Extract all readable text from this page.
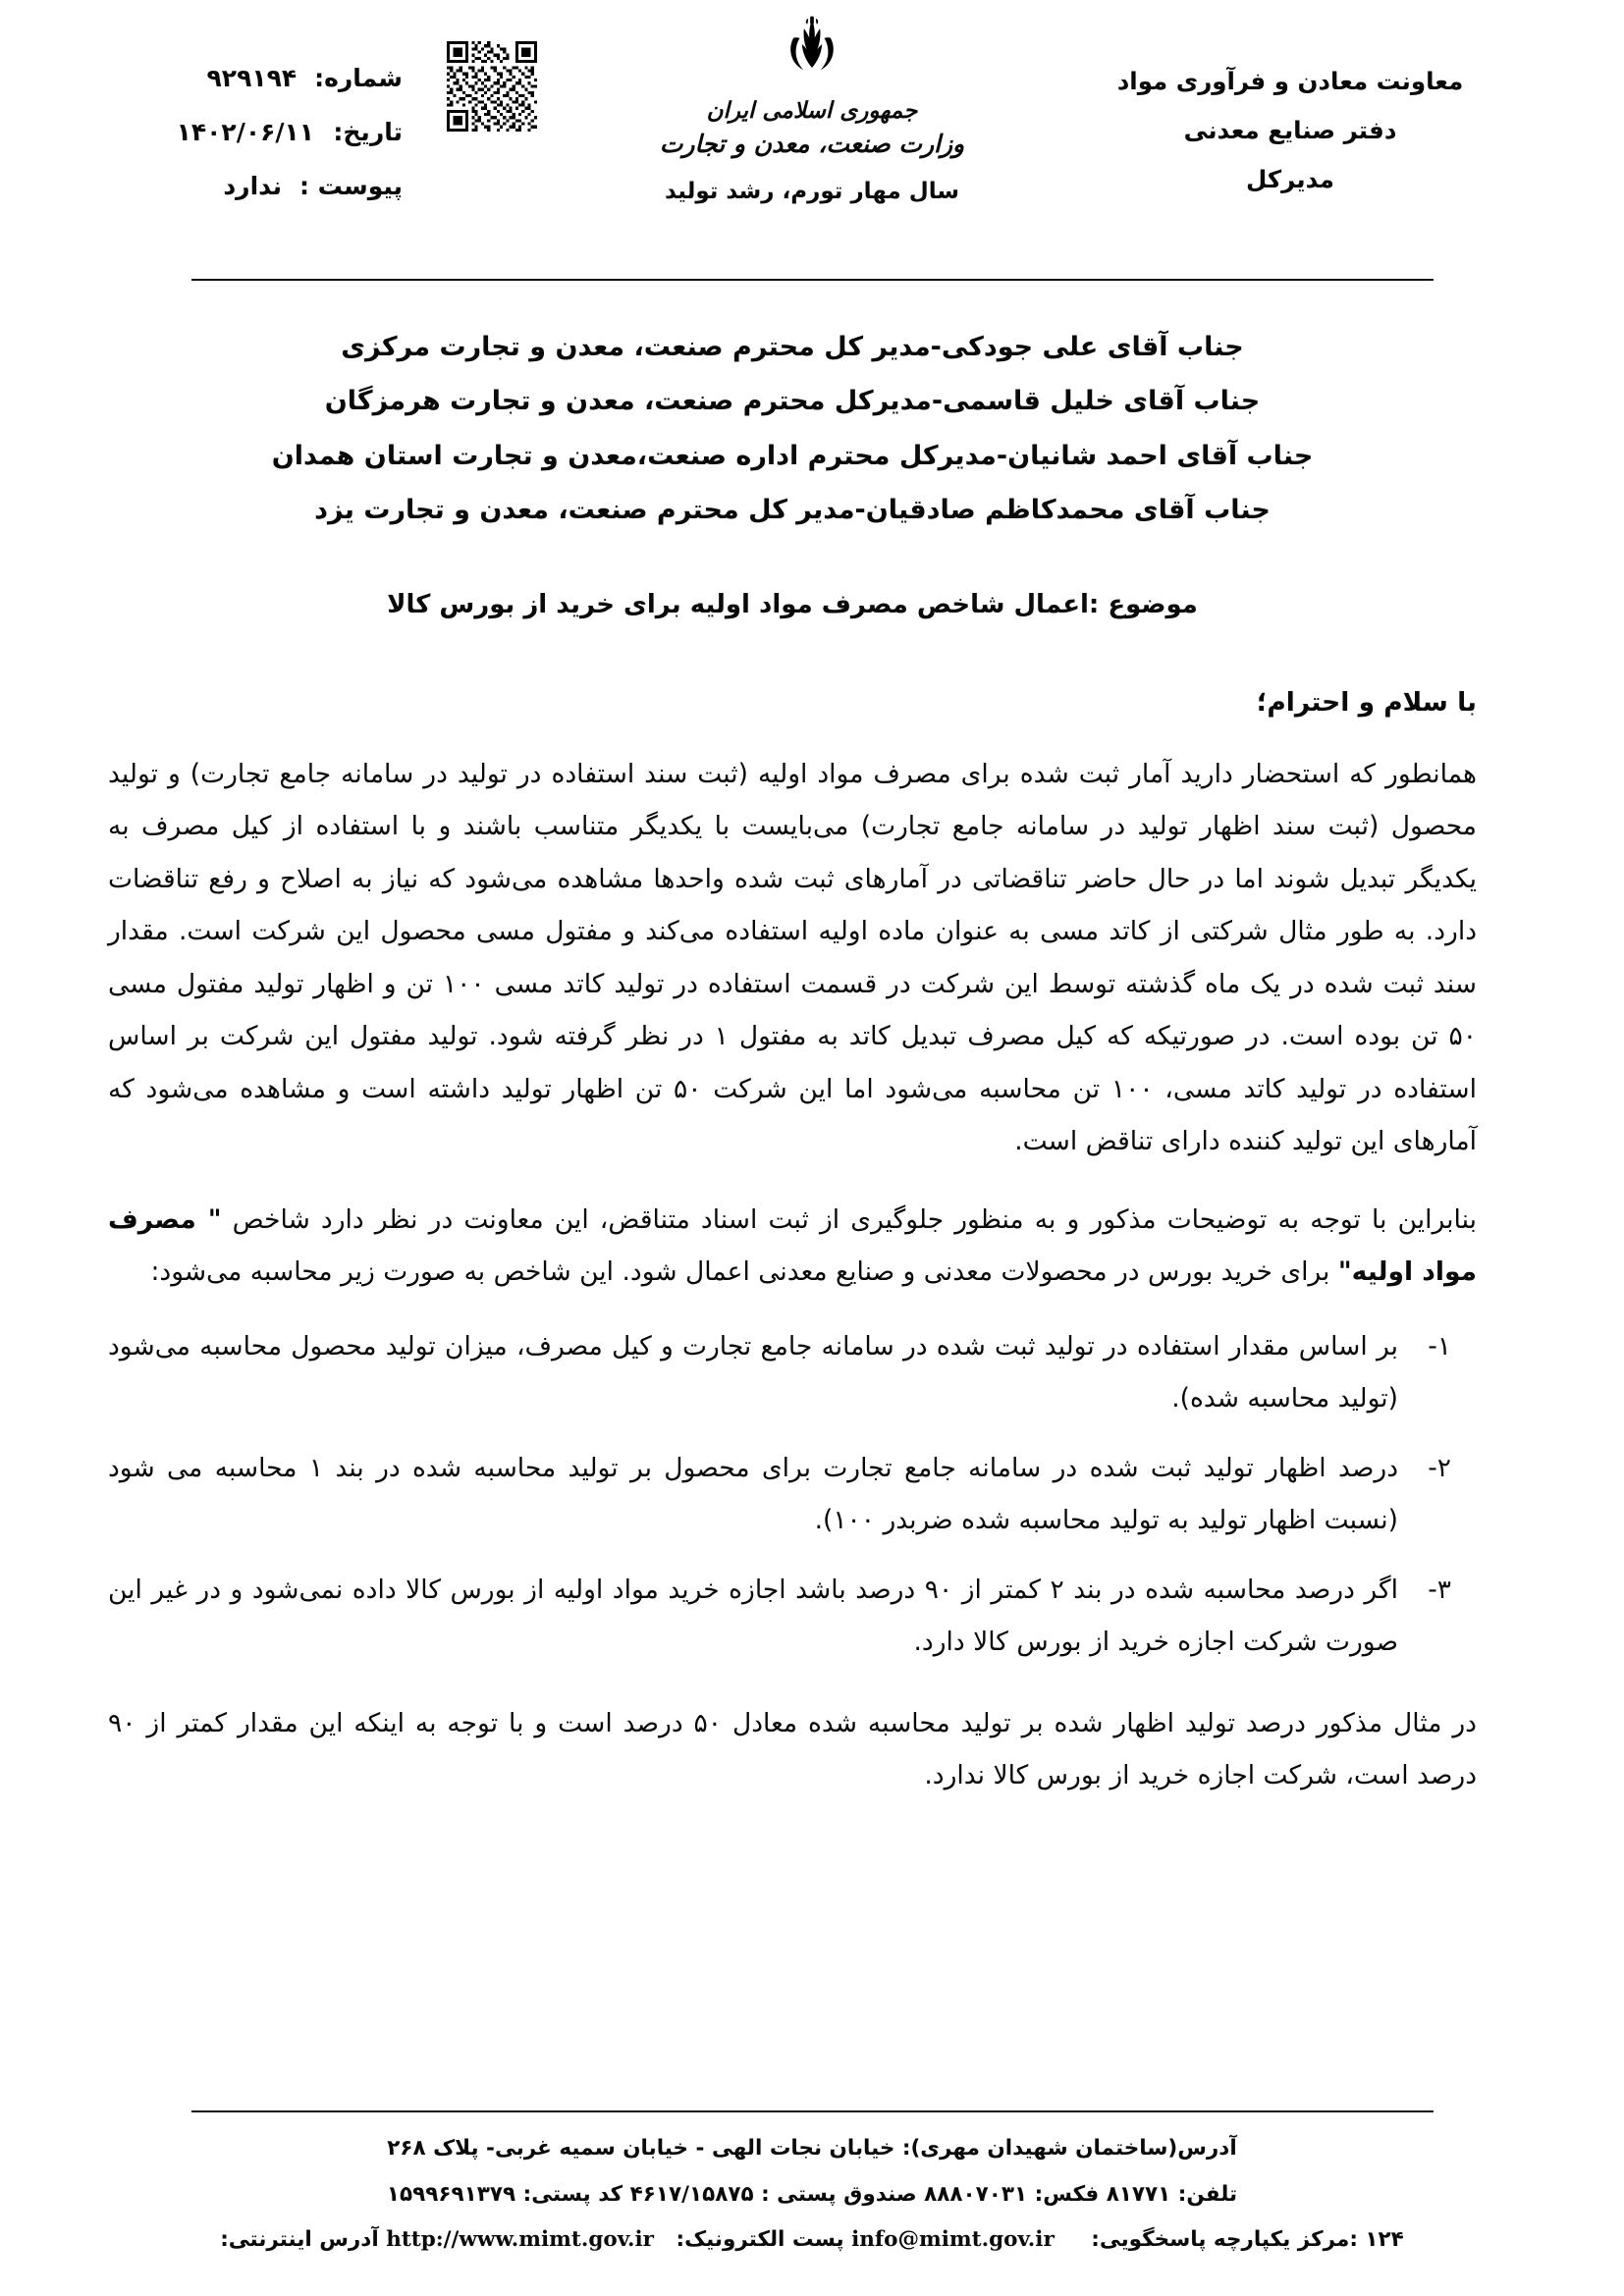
معاونت معادن و فرآوری مواد
دفتر صنایع معدنی
مدیرکل
جمهوری اسلامی ایران
وزارت صنعت، معدن و تجارت
سال مهار تورم، رشد تولید
شماره:
۹۲۹۱۹۴
تاریخ:
۱۴۰۲/۰۶/۱۱
پیوست :
ندارد
جناب آقای علی جودکی-مدیر کل محترم صنعت، معدن و تجارت مرکزی
جناب آقای خلیل قاسمی-مدیرکل محترم صنعت، معدن و تجارت هرمزگان
جناب آقای احمد شانیان-مدیرکل محترم اداره صنعت،معدن و تجارت استان همدان
جناب آقای محمدکاظم صادقیان-مدیر کل محترم صنعت، معدن و تجارت یزد
موضوع :اعمال شاخص مصرف مواد اولیه برای خرید از بورس کالا
با سلام و احترام؛

همانطور که استحضار دارید آمار ثبت شده برای مصرف مواد اولیه (ثبت سند استفاده در تولید در سامانه جامع تجارت) و تولید محصول (ثبت سند اظهار تولید در سامانه جامع تجارت) می‌بایست با یکدیگر متناسب باشند و با استفاده از کیل مصرف به یکدیگر تبدیل شوند اما در حال حاضر تناقضاتی در آمارهای ثبت شده واحدها مشاهده می‌شود که نیاز به اصلاح و رفع تناقضات دارد. به طور مثال شرکتی از کاتد مسی به عنوان ماده اولیه استفاده می‌کند و مفتول مسی محصول این شرکت است. مقدار سند ثبت شده در یک ماه گذشته توسط این شرکت در قسمت استفاده در تولید کاتد مسی ۱۰۰ تن و اظهار تولید مفتول مسی ۵۰ تن بوده است. در صورتیکه که کیل مصرف تبدیل کاتد به مفتول ۱ در نظر گرفته شود. تولید مفتول این شرکت بر اساس استفاده در تولید کاتد مسی، ۱۰۰ تن محاسبه می‌شود اما این شرکت ۵۰ تن اظهار تولید داشته است و مشاهده می‌شود که آمارهای این تولید کننده دارای تناقض است.

بنابراین با توجه به توضیحات مذکور و به منظور جلوگیری از ثبت اسناد متناقض، این معاونت در نظر دارد شاخص " مصرف مواد اولیه" برای خرید بورس در محصولات معدنی و صنایع معدنی اعمال شود. این شاخص به صورت زیر محاسبه می‌شود:

۱-
بر اساس مقدار استفاده در تولید ثبت شده در سامانه جامع تجارت و کیل مصرف، میزان تولید محصول محاسبه می‌شود (تولید محاسبه شده).
۲-
درصد اظهار تولید ثبت شده در سامانه جامع تجارت برای محصول بر تولید محاسبه شده در بند ۱ محاسبه می شود (نسبت اظهار تولید به تولید محاسبه شده ضربدر ۱۰۰).
۳-
اگر درصد محاسبه شده در بند ۲ کمتر از ۹۰ درصد باشد اجازه خرید مواد اولیه از بورس کالا داده نمی‌شود و در غیر این صورت شرکت اجازه خرید از بورس کالا دارد.

در مثال مذکور درصد تولید اظهار شده بر تولید محاسبه شده معادل ۵۰ درصد است و با توجه به اینکه این مقدار کمتر از ۹۰ درصد است، شرکت اجازه خرید از بورس کالا ندارد.

آدرس(ساختمان شهیدان مهری): خیابان نجات الهی - خیابان سمیه غربی- پلاک ۲۶۸
تلفن: ۸۱۷۷۱ فکس: ۸۸۸۰۷۰۳۱ صندوق پستی : ۴۶۱۷/۱۵۸۷۵ کد پستی: ۱۵۹۹۶۹۱۳۷۹
۱۲۴ :مرکز یکپارچه پاسخگویی:     info@mimt.gov.ir پست الکترونیک:   http://www.mimt.gov.ir آدرس اینترنتی:
